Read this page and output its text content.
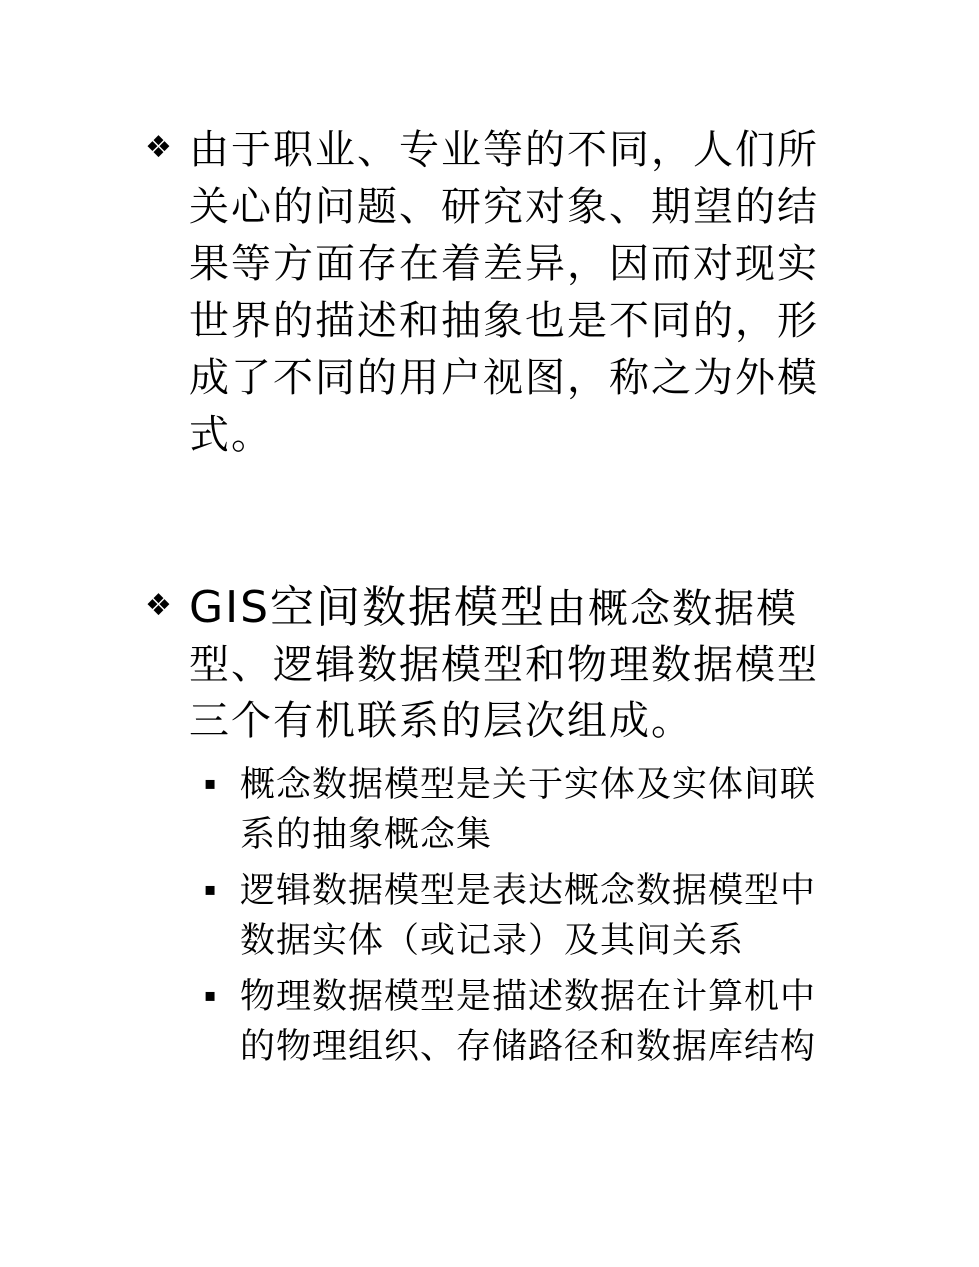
❖ 由于职业、专业等的不同，人们所关心的问题、研究对象、期望的结果等方面存在着差异，因而对现实世界的描述和抽象也是不同的，形成了不同的用户视图，称之为外模式。
❖ GIS空间数据模型由概念数据模型、逻辑数据模型和物理数据模型三个有机联系的层次组成。
▪ 概念数据模型是关于实体及实体间联系的抽象概念集
▪ 逻辑数据模型是表达概念数据模型中数据实体（或记录）及其间关系
▪ 物理数据模型是描述数据在计算机中的物理组织、存储路径和数据库结构
